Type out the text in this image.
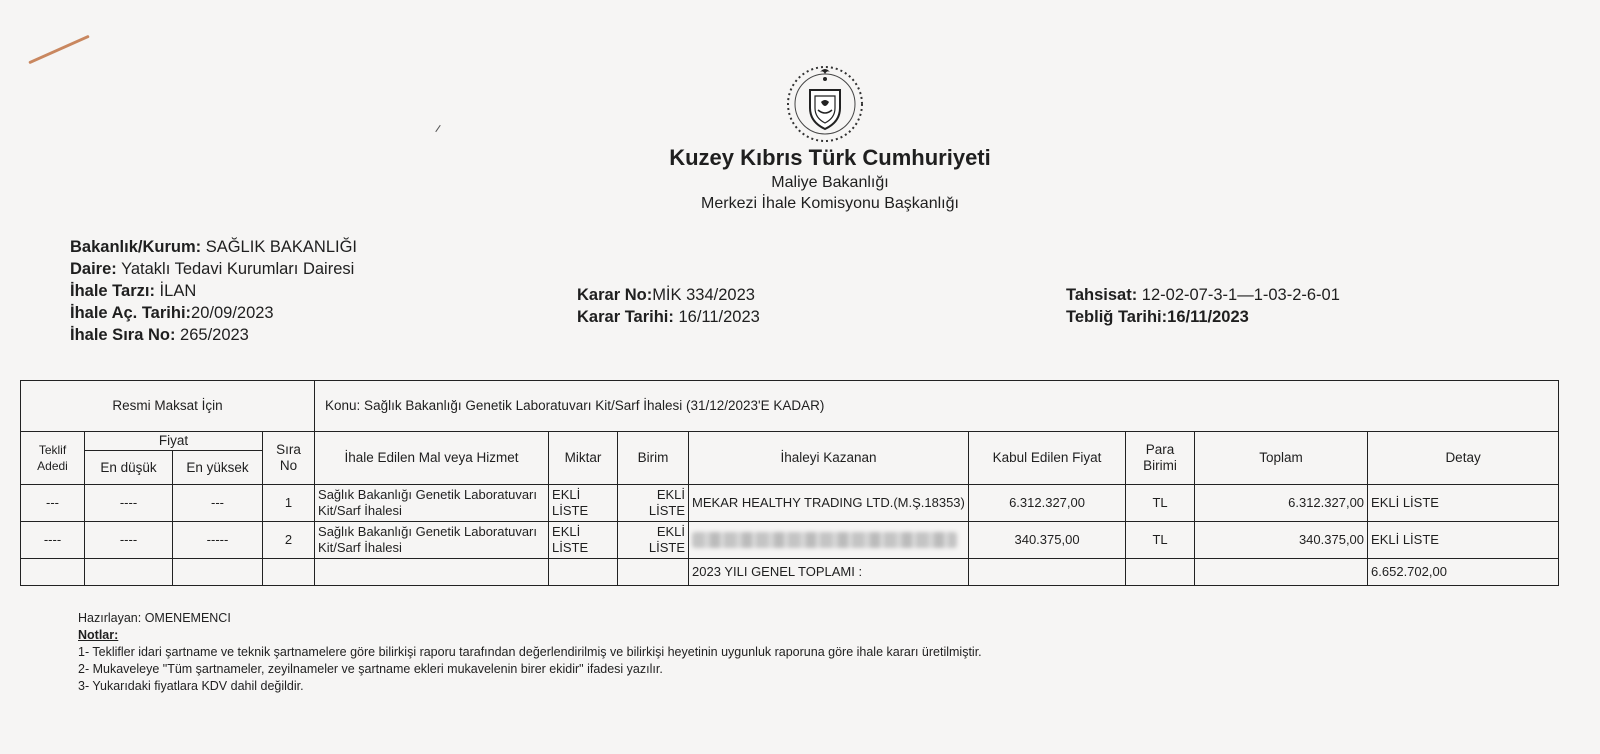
Kuzey Kıbrıs Türk Cumhuriyeti
Maliye Bakanlığı
Merkezi İhale Komisyonu Başkanlığı
Bakanlık/Kurum: SAĞLIK BAKANLIĞI
Daire: Yataklı Tedavi Kurumları Dairesi
İhale Tarzı: İLAN
İhale Aç. Tarihi:20/09/2023
İhale Sıra No: 265/2023
Karar No:MİK 334/2023
Karar Tarihi: 16/11/2023
Tahsisat: 12-02-07-3-1—1-03-2-6-01
Tebliğ Tarihi:16/11/2023
Resmi Maksat İçin				Konu: Sağlık Bakanlığı Genetik Laboratuvarı Kit/Sarf İhalesi (31/12/2023'E KADAR)							
Teklif Adedi	Fiyat		Sıra No	İhale Edilen Mal veya Hizmet	Miktar	Birim	İhaleyi Kazanan	Kabul Edilen Fiyat	Para Birimi	Toplam	Detay
	En düşük	En yüksek									
---	----	---	1	Sağlık Bakanlığı Genetik Laboratuvarı Kit/Sarf İhalesi	EKLİ LİSTE	EKLİ LİSTE	MEKAR HEALTHY TRADING LTD.(M.Ş.18353)	6.312.327,00	TL	6.312.327,00	EKLİ LİSTE
----	----	-----	2	Sağlık Bakanlığı Genetik Laboratuvarı Kit/Sarf İhalesi	EKLİ LİSTE	EKLİ LİSTE		340.375,00	TL	340.375,00	EKLİ LİSTE
							2023 YILI GENEL TOPLAMI :				6.652.702,00
Hazırlayan: OMENEMENCI
Notlar:
1- Teklifler idari şartname ve teknik şartnamelere göre bilirkişi raporu tarafından değerlendirilmiş ve bilirkişi heyetinin uygunluk raporuna göre ihale kararı üretilmiştir.
2- Mukaveleye "Tüm şartnameler, zeyilnameler ve şartname ekleri mukavelenin birer ekidir" ifadesi yazılır.
3- Yukarıdaki fiyatlara KDV dahil değildir.
